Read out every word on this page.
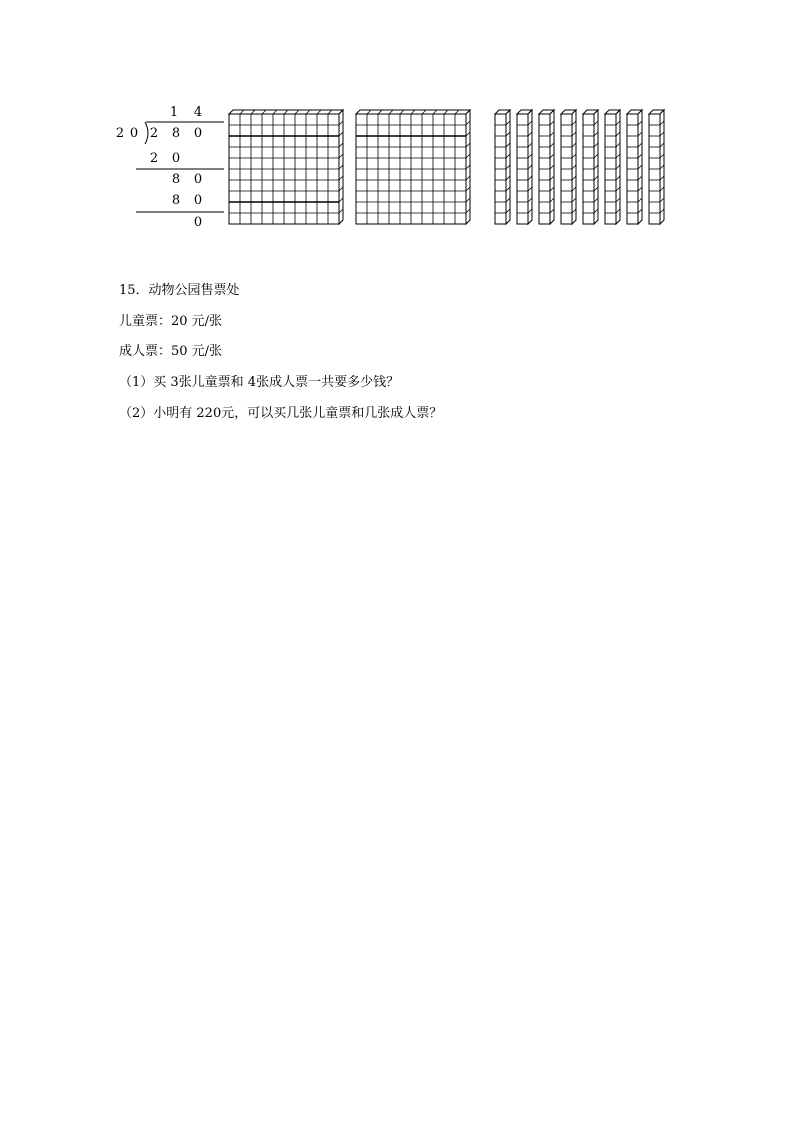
1 4
2 0 2 8 0
2 0
8 0
8 0
0
15．动物公园售票处
儿童票：20 元/张
成人票：50 元/张
（1）买 3张儿童票和 4张成人票一共要多少钱？
（2）小明有 220元，可以买几张儿童票和几张成人票？
